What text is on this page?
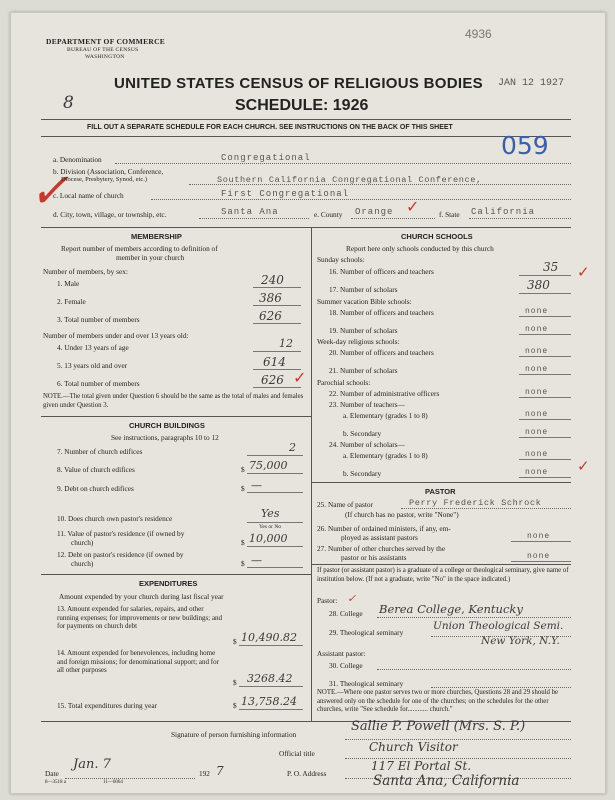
DEPARTMENT OF COMMERCE
BUREAU OF THE CENSUS
WASHINGTON
4936
JAN 12 1927
8
UNITED STATES CENSUS OF RELIGIOUS BODIES
SCHEDULE: 1926
FILL OUT A SEPARATE SCHEDULE FOR EACH CHURCH. SEE INSTRUCTIONS ON THE BACK OF THIS SHEET
059
✓
a. Denomination	Congregational
b. Division (Association, Conference,
Diocese, Presbytery, Synod, etc.)	Southern California Congregational Conference,
c. Local name of church	First Congregational
d. City, town, village, or township, etc.	Santa Ana	e. County Orange	f. State California
✓
MEMBERSHIP
Report number of members according to definition of
member in your church
Number of members, by sex:
1. Male	240
2. Female	386
3. Total number of members	626
Number of members under and over 13 years old:
4. Under 13 years of age	12
5. 13 years old and over	614
6. Total number of members	626 ✓
NOTE.—The total given under Question 6 should be the same as the total of males and females given under Question 3.
CHURCH BUILDINGS
See instructions, paragraphs 10 to 12
7. Number of church edifices	2
8. Value of church edifices	$ 75,000
9. Debt on church edifices	$ —
10. Does church own pastor's residence	Yes
Yes or No
11. Value of pastor's residence (if owned by
church)	$ 10,000
12. Debt on pastor's residence (if owned by
church)	$ —
EXPENDITURES
Amount expended by your church during last fiscal year
13. Amount expended for salaries, repairs, and other running expenses; for improvements or new buildings; and for payments on church debt
$ 10,490.82
14. Amount expended for benevolences, including home and foreign missions; for denominational support; and for all other purposes
$ 3268.42
15. Total expenditures during year	$ 13,758.24
CHURCH SCHOOLS
Report here only schools conducted by this church
Sunday schools:
16. Number of officers and teachers	35
17. Number of scholars	380
✓
Summer vacation Bible schools:
18. Number of officers and teachers	none
19. Number of scholars	none
Week-day religious schools:
20. Number of officers and teachers	none
21. Number of scholars	none
Parochial schools:
22. Number of administrative officers	none
23. Number of teachers—
a. Elementary (grades 1 to 8)	none
b. Secondary	none
24. Number of scholars—
a. Elementary (grades 1 to 8)	none
b. Secondary	none ✓
PASTOR
25. Name of pastor	Perry Frederick Schrock
(If church has no pastor, write "None")
26. Number of ordained ministers, if any, em-
ployed as assistant pastors	none
27. Number of other churches served by the
pastor or his assistants	none
If pastor (or assistant pastor) is a graduate of a college or theological seminary, give name of institution below. (If not a graduate, write "No" in the space indicated.)
Pastor: ✓
28. College Berea College, Kentucky
29. Theological seminary
Union Theological Semi.
New York, N.Y.
Assistant pastor:
30. College
31. Theological seminary
NOTE.—Where one pastor serves two or more churches, Questions 28 and 29 should be answered only on the schedule for one of the churches; on the schedules for the other churches, write "See schedule for............ church."
Signature of person furnishing information
Sallie P. Powell (Mrs. S. P.)
Official title	Church Visitor
Date
Jan. 7
192 7	P. O. Address
117 El Portal St.
Santa Ana, California
8—3518 a	11—6064
